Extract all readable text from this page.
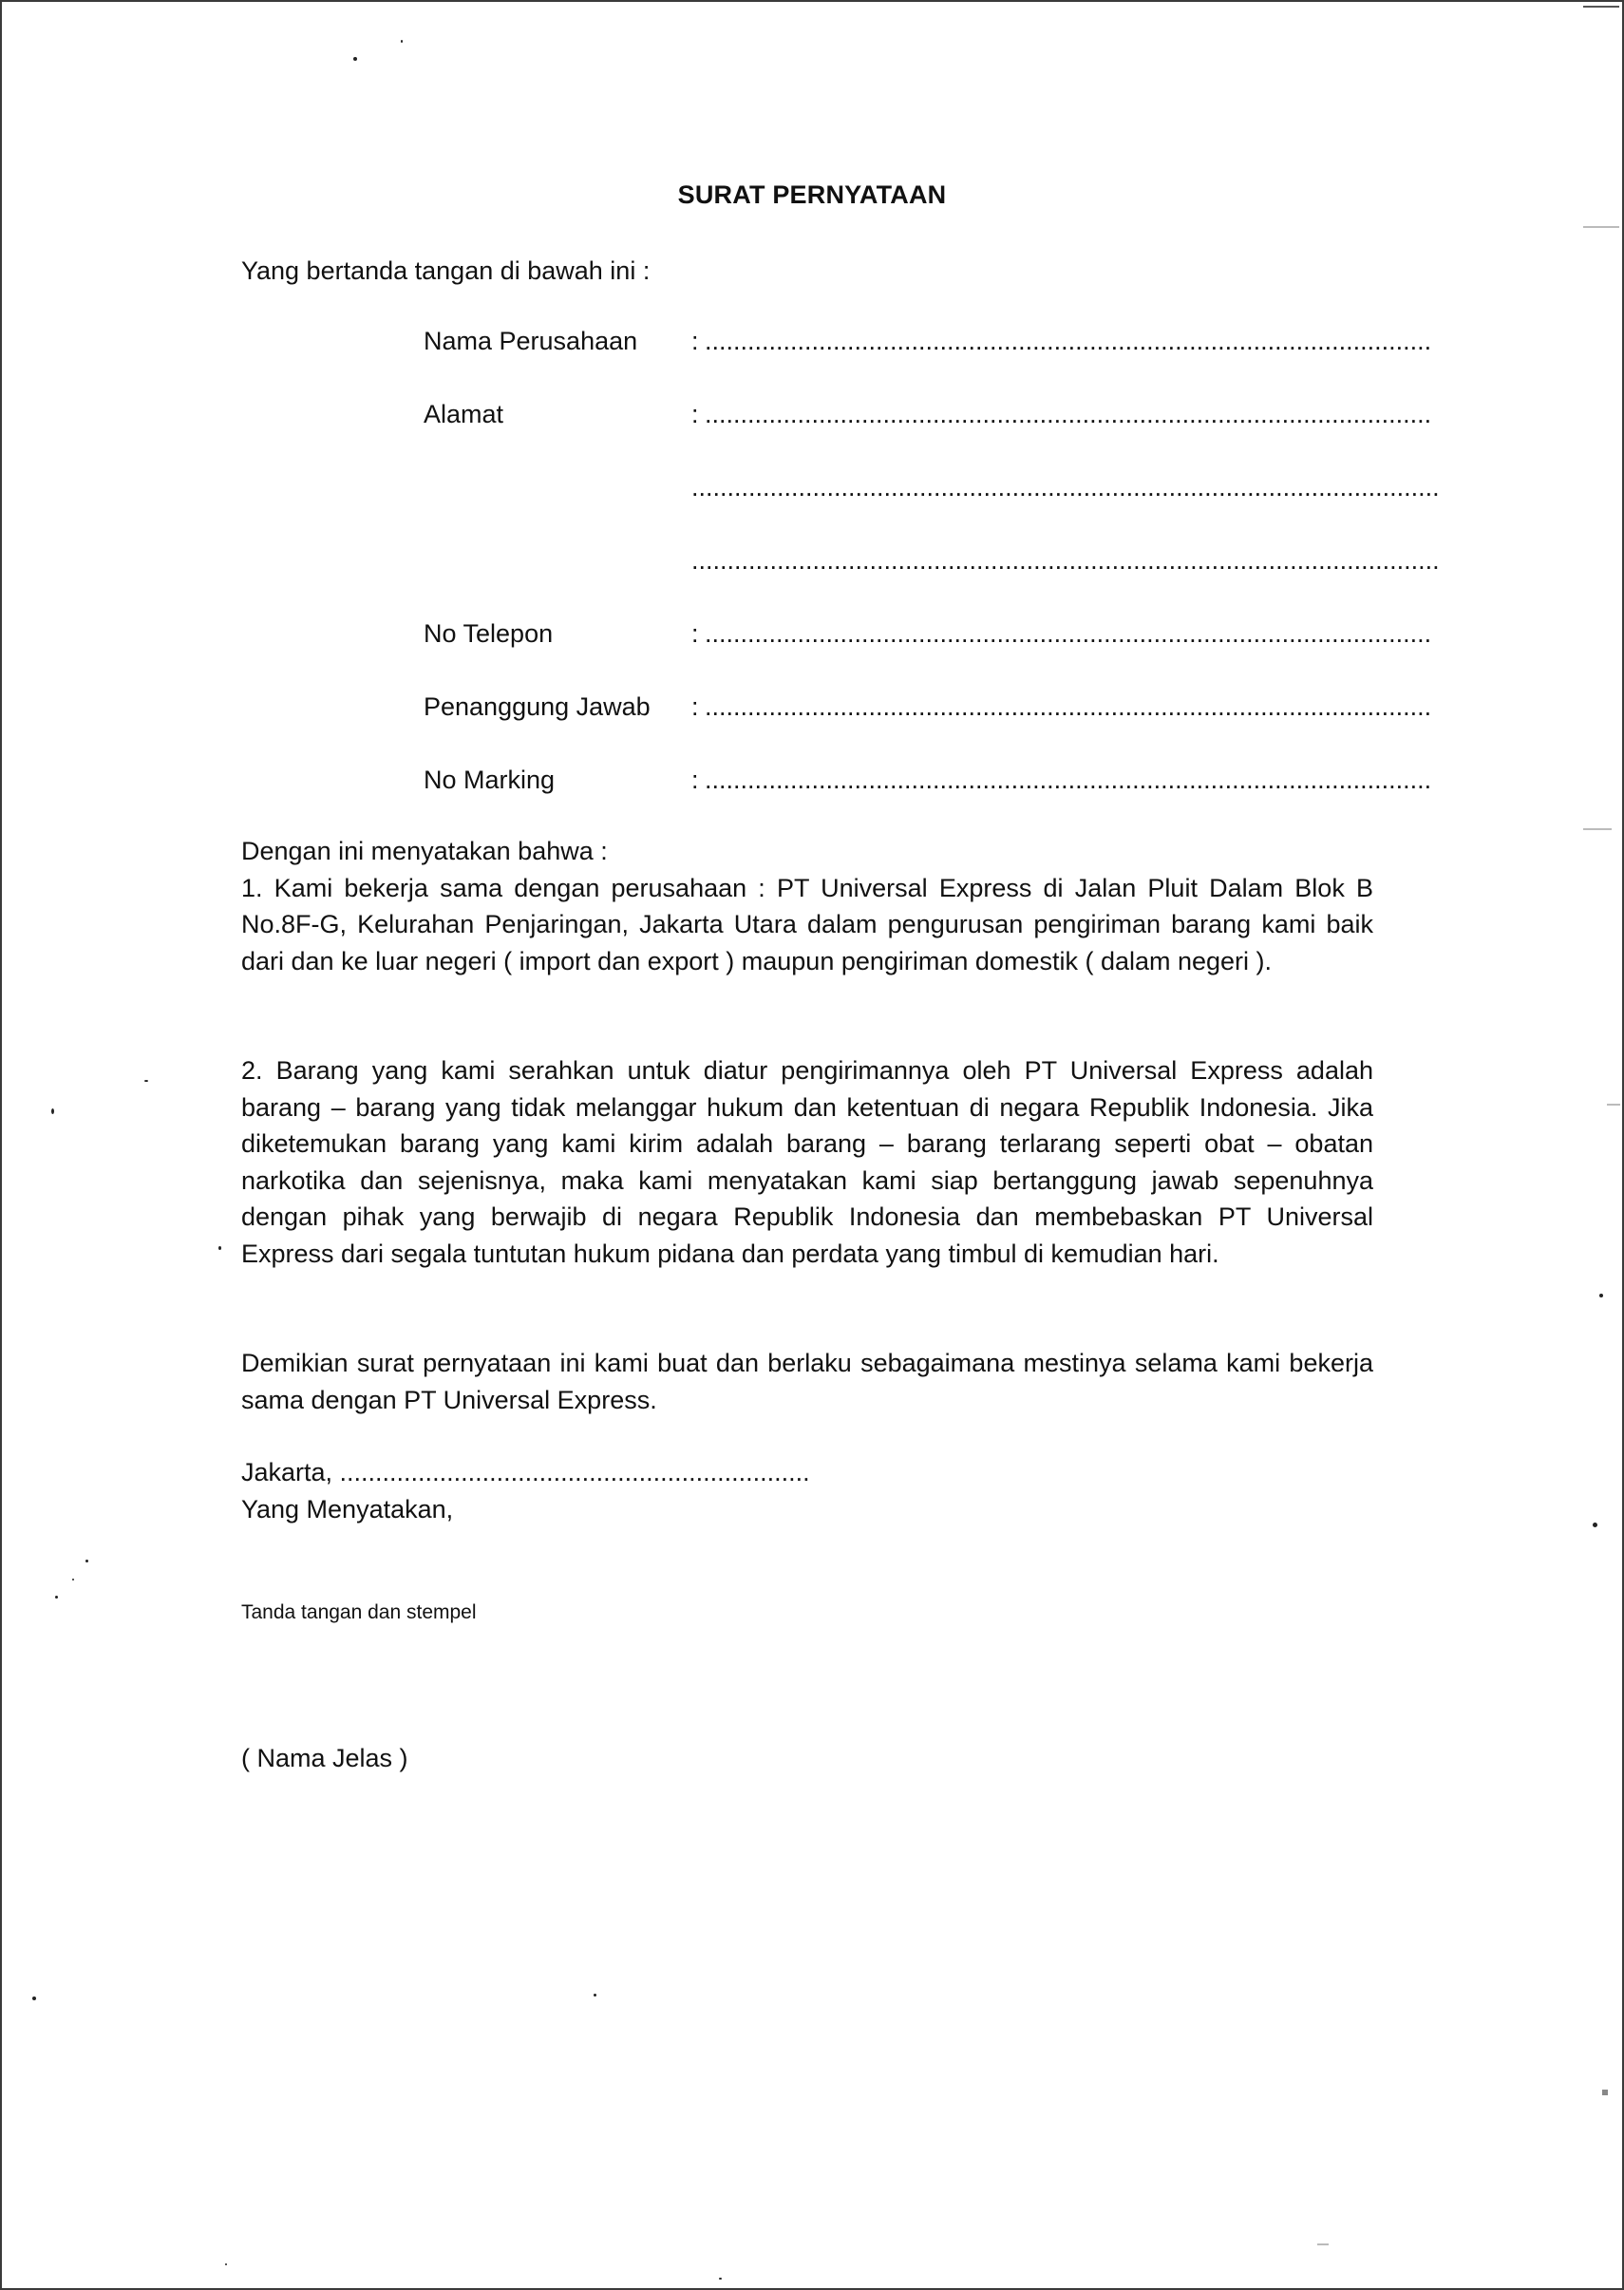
SURAT PERNYATAAN
Yang bertanda tangan di bawah ini :
Nama Perusahaan : ......................................................................................................
Alamat	: ......................................................................................................
.........................................................................................................
.........................................................................................................
No Telepon	: ......................................................................................................
Penanggung Jawab : ......................................................................................................
No Marking	: ......................................................................................................

Dengan ini menyatakan bahwa :

1. Kami bekerja sama dengan perusahaan : PT Universal Express di Jalan Pluit Dalam Blok B No.8F-G, Kelurahan Penjaringan, Jakarta Utara dalam pengurusan pengiriman barang kami baik dari dan ke luar negeri ( import dan export ) maupun pengiriman domestik ( dalam negeri ).

2. Barang yang kami serahkan untuk diatur pengirimannya oleh PT Universal Express adalah barang – barang yang tidak melanggar hukum dan ketentuan di negara Republik Indonesia. Jika diketemukan barang yang kami kirim adalah barang – barang terlarang seperti obat – obatan narkotika dan sejenisnya, maka kami menyatakan kami siap bertanggung jawab sepenuhnya dengan pihak yang berwajib di negara Republik Indonesia dan membebaskan PT Universal Express dari segala tuntutan hukum pidana dan perdata yang timbul di kemudian hari.

Demikian surat pernyataan ini kami buat dan berlaku sebagaimana mestinya selama kami bekerja sama dengan PT Universal Express.

Jakarta, ..................................................................

Yang Menyatakan,

Tanda tangan dan stempel

( Nama Jelas )
